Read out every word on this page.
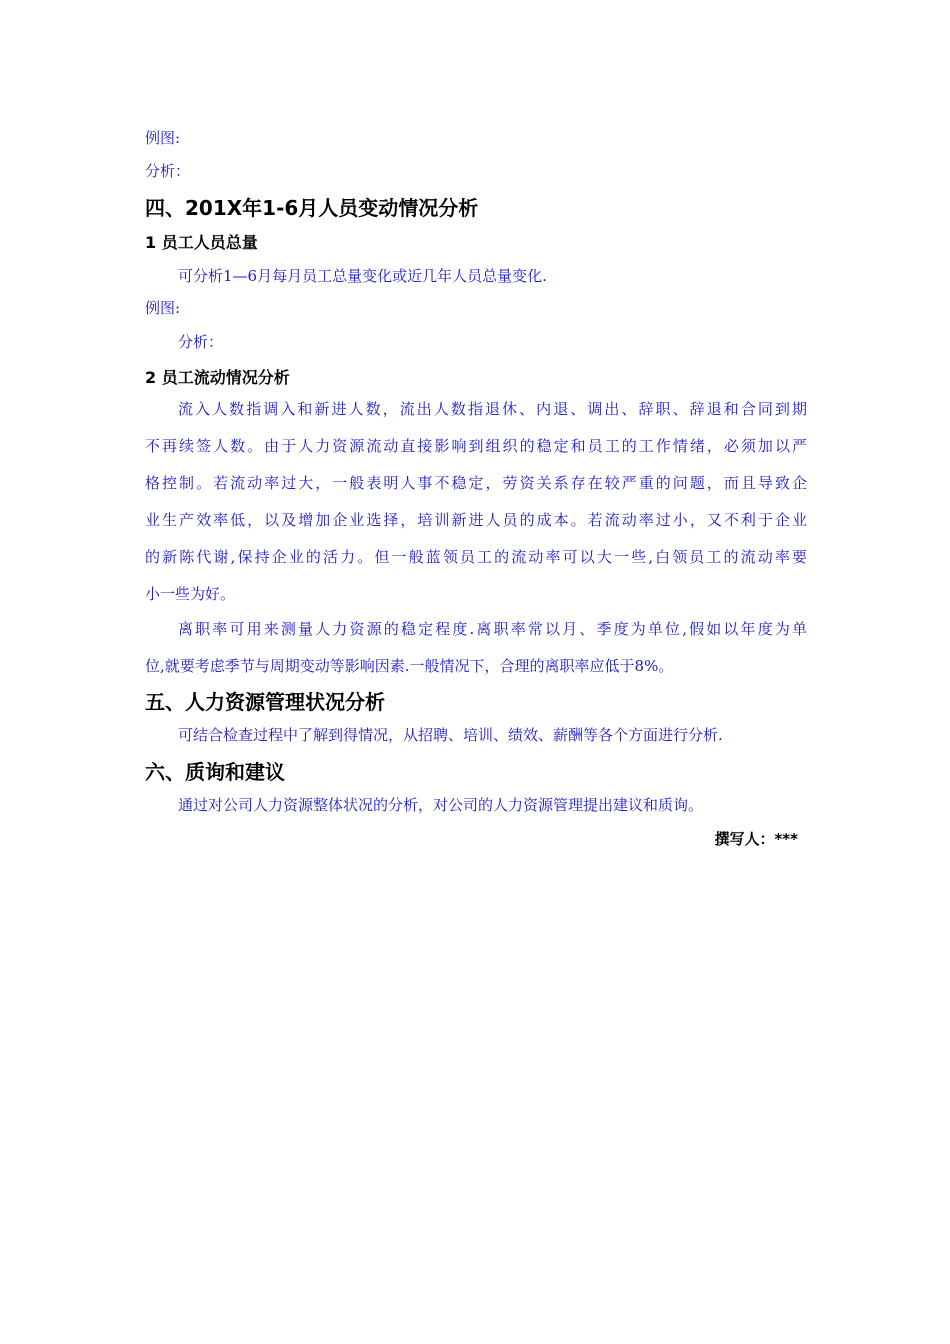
例图:
分析：
四、201X年1-6月人员变动情况分析
1 员工人员总量
可分析1—6月每月员工总量变化或近几年人员总量变化.
例图:
分析：
2 员工流动情况分析
流入人数指调入和新进人数，流出人数指退休、内退、调出、辞职、辞退和合同到期
不再续签人数。由于人力资源流动直接影响到组织的稳定和员工的工作情绪，必须加以严
格控制。若流动率过大，一般表明人事不稳定，劳资关系存在较严重的问题，而且导致企
业生产效率低，以及增加企业选择，培训新进人员的成本。若流动率过小，又不利于企业
的新陈代谢,保持企业的活力。但一般蓝领员工的流动率可以大一些,白领员工的流动率要
小一些为好。
离职率可用来测量人力资源的稳定程度.离职率常以月、季度为单位,假如以年度为单
位,就要考虑季节与周期变动等影响因素.一般情况下，合理的离职率应低于8%。
五、人力资源管理状况分析
可结合检查过程中了解到得情况，从招聘、培训、绩效、薪酬等各个方面进行分析.
六、质询和建议
通过对公司人力资源整体状况的分析，对公司的人力资源管理提出建议和质询。
撰写人：***
